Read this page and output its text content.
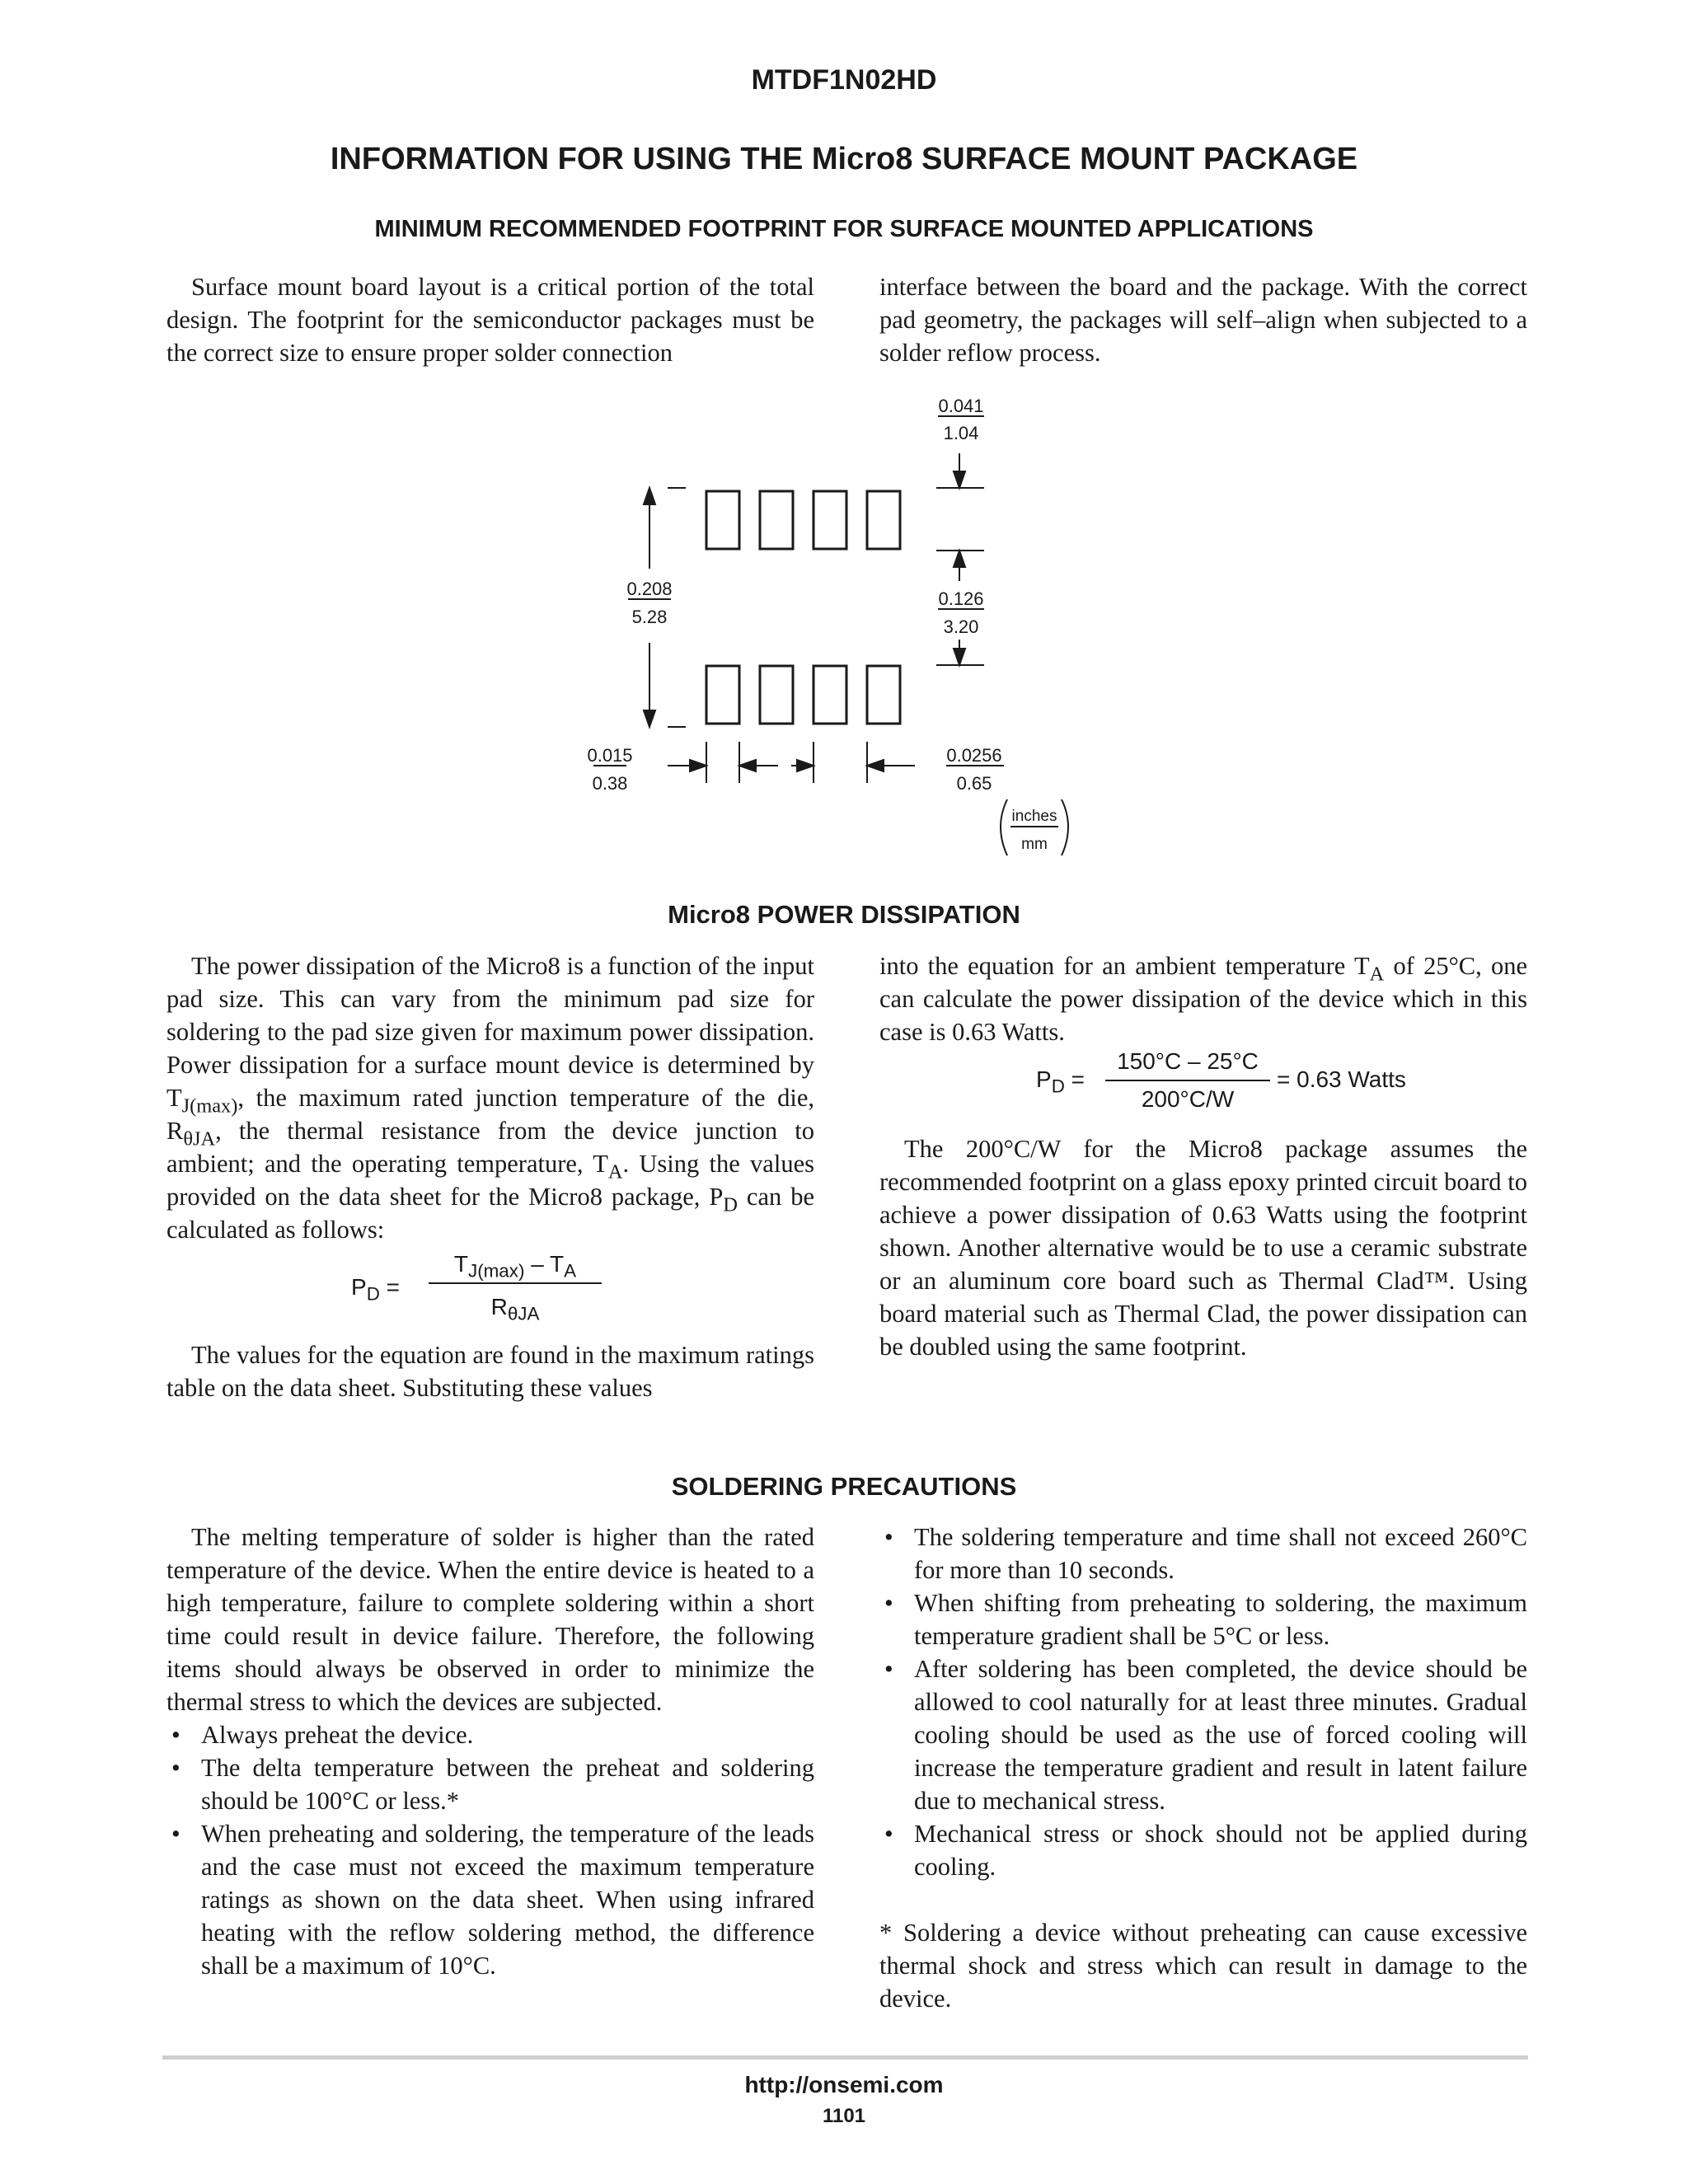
MTDF1N02HD
INFORMATION FOR USING THE Micro8 SURFACE MOUNT PACKAGE
MINIMUM RECOMMENDED FOOTPRINT FOR SURFACE MOUNTED APPLICATIONS

Surface mount board layout is a critical portion of the total design. The footprint for the semiconductor packages must be the correct size to ensure proper solder connection

interface between the board and the package. With the correct pad geometry, the packages will self–align when subjected to a solder reflow process.

0.041
1.04
0.208
5.28
0.126
3.20
0.015
0.38
0.0256
0.65
inches
mm
Micro8 POWER DISSIPATION

The power dissipation of the Micro8 is a function of the input pad size. This can vary from the minimum pad size for soldering to the pad size given for maximum power dissipation. Power dissipation for a surface mount device is determined by $T_{J(max)}$, the maximum rated junction temperature of the die, $R_{\theta JA}$, the thermal resistance from the device junction to ambient; and the operating temperature, $T_A$. Using the values provided on the data sheet for the Micro8 package, $P_D$ can be calculated as follows:

$P_D$ =
$T_{J(max)} - T_A$
$R_{\theta JA}$

The values for the equation are found in the maximum ratings table on the data sheet. Substituting these values

into the equation for an ambient temperature $T_A$ of 25°C, one can calculate the power dissipation of the device which in this case is 0.63 Watts.

$P_D$ =
150°C – 25°C
200°C/W
= 0.63 Watts

The 200°C/W for the Micro8 package assumes the recommended footprint on a glass epoxy printed circuit board to achieve a power dissipation of 0.63 Watts using the footprint shown. Another alternative would be to use a ceramic substrate or an aluminum core board such as Thermal Clad™. Using board material such as Thermal Clad, the power dissipation can be doubled using the same footprint.

SOLDERING PRECAUTIONS

The melting temperature of solder is higher than the rated temperature of the device. When the entire device is heated to a high temperature, failure to complete soldering within a short time could result in device failure. Therefore, the following items should always be observed in order to minimize the thermal stress to which the devices are subjected.

• Always preheat the device.
• The delta temperature between the preheat and soldering should be 100°C or less.*
• When preheating and soldering, the temperature of the leads and the case must not exceed the maximum temperature ratings as shown on the data sheet. When using infrared heating with the reflow soldering method, the difference shall be a maximum of 10°C.
• The soldering temperature and time shall not exceed 260°C for more than 10 seconds.
• When shifting from preheating to soldering, the maximum temperature gradient shall be 5°C or less.
• After soldering has been completed, the device should be allowed to cool naturally for at least three minutes. Gradual cooling should be used as the use of forced cooling will increase the temperature gradient and result in latent failure due to mechanical stress.
• Mechanical stress or shock should not be applied during cooling.

* Soldering a device without preheating can cause excessive thermal shock and stress which can result in damage to the device.

http://onsemi.com
1101
